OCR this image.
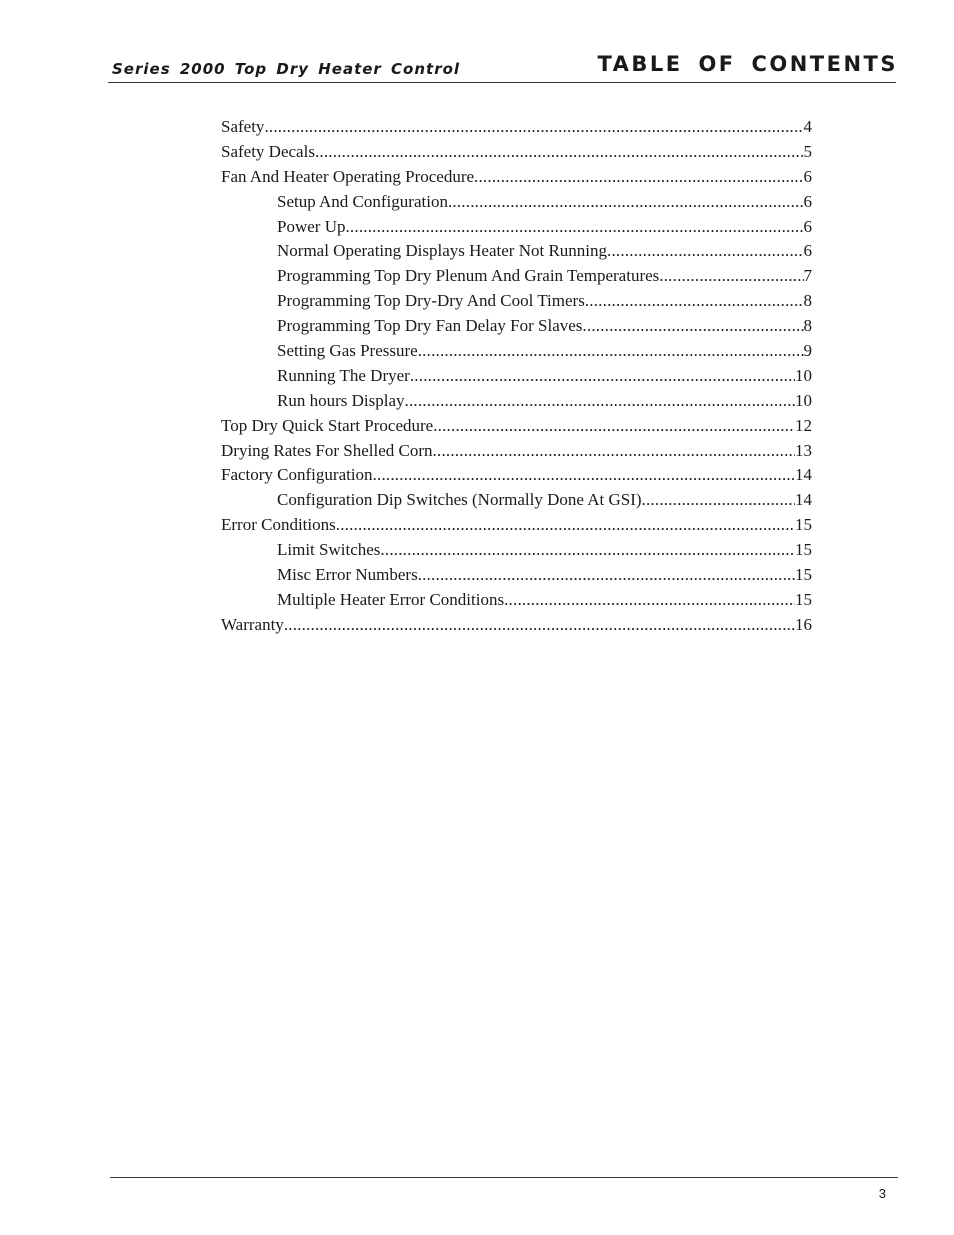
Series 2000 Top Dry Heater Control	TABLE OF CONTENTS
Safety .....	4
Safety Decals .....	5
Fan And Heater Operating Procedure .....	6
Setup And Configuration .....	6
Power Up .....	6
Normal Operating Displays Heater Not Running .....	6
Programming Top Dry Plenum And Grain Temperatures .....	7
Programming Top Dry-Dry And Cool Timers .....	8
Programming Top Dry Fan Delay For Slaves .....	8
Setting Gas Pressure .....	9
Running The Dryer .....	10
Run hours Display .....	10
Top Dry Quick Start Procedure .....	12
Drying Rates For Shelled Corn .....	13
Factory Configuration .....	14
Configuration Dip Switches (Normally Done At GSI) .....	14
Error Conditions .....	15
Limit Switches .....	15
Misc Error Numbers .....	15
Multiple Heater Error Conditions .....	15
Warranty .....	16
3
